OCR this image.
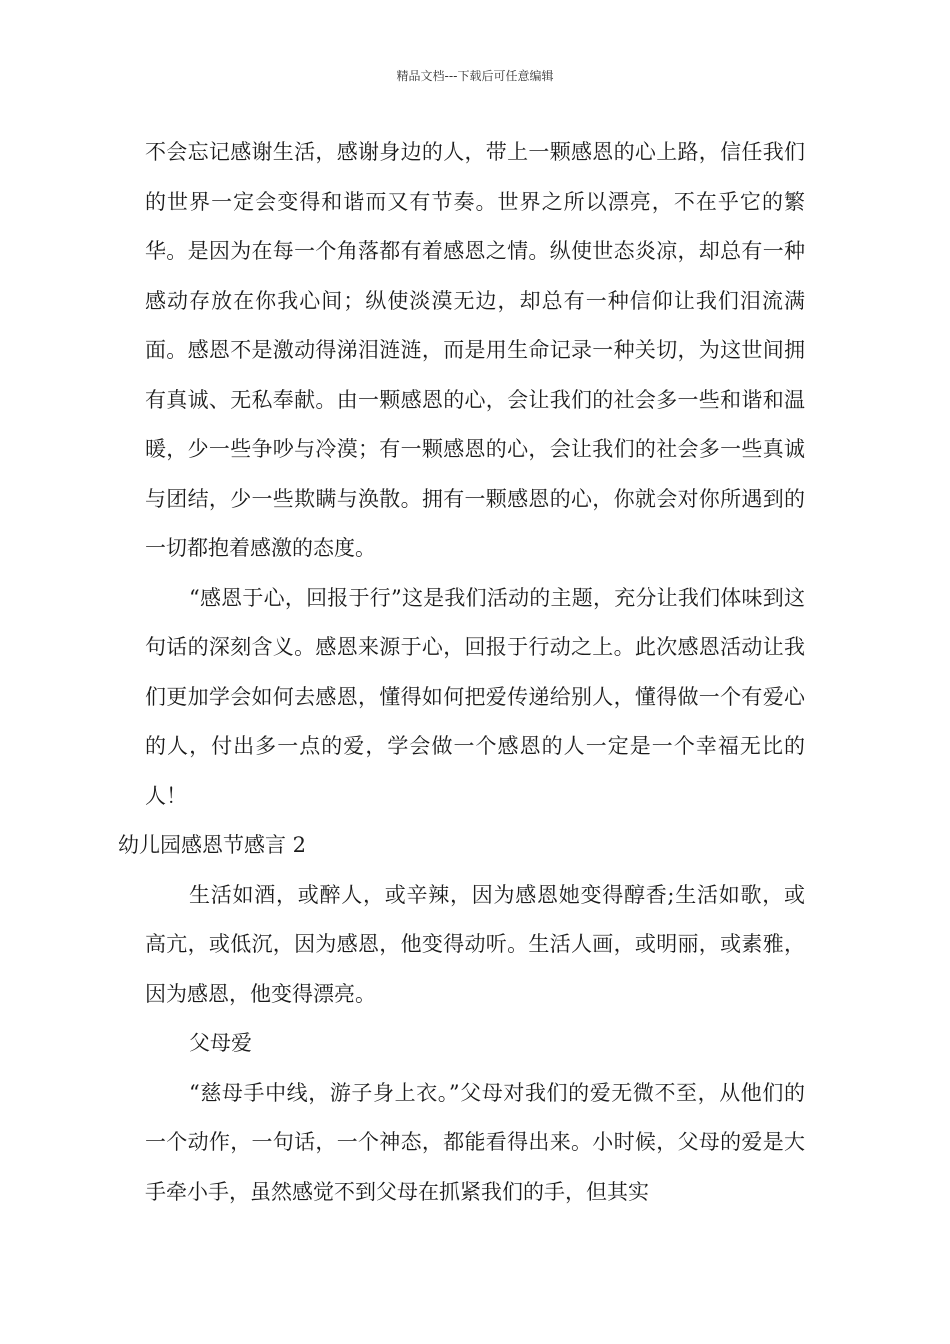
精品文档---下载后可任意编辑

不会忘记感谢生活，感谢身边的人，带上一颗感恩的心上路，信任我们的世界一定会变得和谐而又有节奏。世界之所以漂亮，不在乎它的繁华。是因为在每一个角落都有着感恩之情。纵使世态炎凉，却总有一种感动存放在你我心间；纵使淡漠无边，却总有一种信仰让我们泪流满面。感恩不是激动得涕泪涟涟，而是用生命记录一种关切，为这世间拥有真诚、无私奉献。由一颗感恩的心，会让我们的社会多一些和谐和温暖，少一些争吵与冷漠；有一颗感恩的心，会让我们的社会多一些真诚与团结，少一些欺瞒与涣散。拥有一颗感恩的心，你就会对你所遇到的一切都抱着感激的态度。

“感恩于心，回报于行”这是我们活动的主题，充分让我们体味到这句话的深刻含义。感恩来源于心，回报于行动之上。此次感恩活动让我们更加学会如何去感恩，懂得如何把爱传递给别人，懂得做一个有爱心的人，付出多一点的爱，学会做一个感恩的人一定是一个幸福无比的人！

幼儿园感恩节感言 2

生活如酒，或醉人，或辛辣，因为感恩她变得醇香;生活如歌，或高亢，或低沉，因为感恩，他变得动听。生活人画，或明丽，或素雅，因为感恩，他变得漂亮。

父母爱

“慈母手中线，游子身上衣。”父母对我们的爱无微不至，从他们的一个动作，一句话，一个神态，都能看得出来。小时候，父母的爱是大手牵小手，虽然感觉不到父母在抓紧我们的手，但其实
